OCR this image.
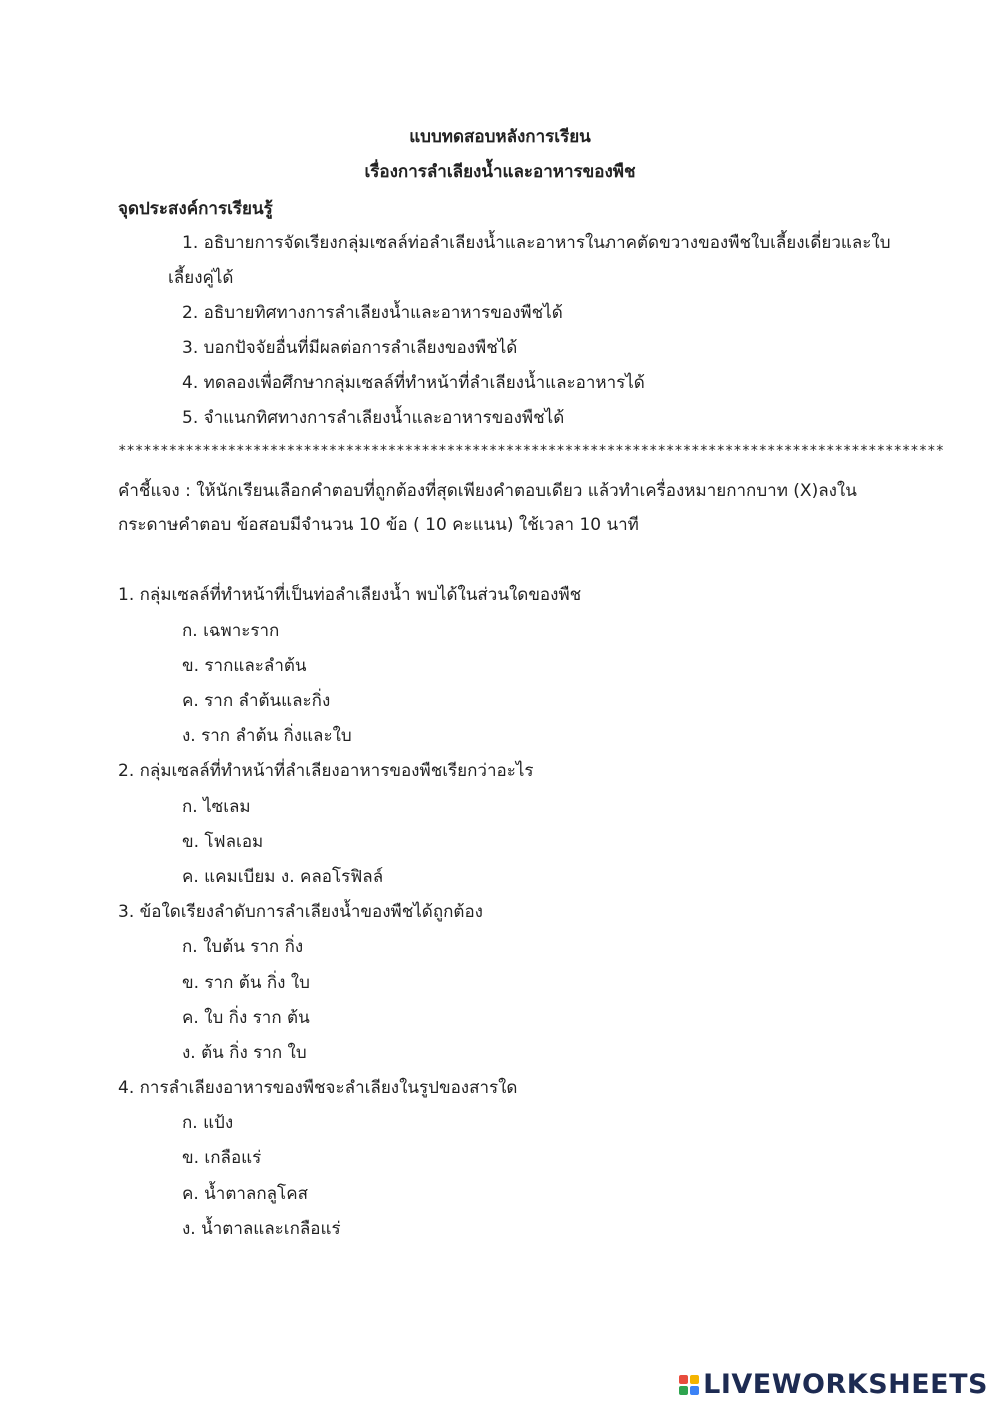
แบบทดสอบหลังการเรียน
เรื่องการลำเลียงน้ำและอาหารของพืช
จุดประสงค์การเรียนรู้
1. อธิบายการจัดเรียงกลุ่มเซลล์ท่อลำเลียงน้ำและอาหารในภาคตัดขวางของพืชใบเลี้ยงเดี่ยวและใบ
เลี้ยงคู่ได้
2. อธิบายทิศทางการลำเลียงน้ำและอาหารของพืชได้
3. บอกปัจจัยอื่นที่มีผลต่อการลำเลียงของพืชได้
4. ทดลองเพื่อศึกษากลุ่มเซลล์ที่ทำหน้าที่ลำเลียงน้ำและอาหารได้
5. จำแนกทิศทางการลำเลียงน้ำและอาหารของพืชได้
**************************************************************************************************
คำชี้แจง : ให้นักเรียนเลือกคำตอบที่ถูกต้องที่สุดเพียงคำตอบเดียว แล้วทำเครื่องหมายกากบาท (X)ลงใน
กระดาษคำตอบ ข้อสอบมีจำนวน 10 ข้อ ( 10 คะแนน) ใช้เวลา 10 นาที
1. กลุ่มเซลล์ที่ทำหน้าที่เป็นท่อลำเลียงน้ำ พบได้ในส่วนใดของพืช
ก. เฉพาะราก
ข. รากและลำต้น
ค. ราก ลำต้นและกิ่ง
ง. ราก ลำต้น กิ่งและใบ
2. กลุ่มเซลล์ที่ทำหน้าที่ลำเลียงอาหารของพืชเรียกว่าอะไร
ก. ไซเลม
ข. โฟลเอม
ค. แคมเบียม ง. คลอโรฟิลล์
3. ข้อใดเรียงลำดับการลำเลียงน้ำของพืชได้ถูกต้อง
ก. ใบต้น ราก กิ่ง
ข. ราก ต้น กิ่ง ใบ
ค. ใบ กิ่ง ราก ต้น
ง. ต้น กิ่ง ราก ใบ
4. การลำเลียงอาหารของพืชจะลำเลียงในรูปของสารใด
ก. แป้ง
ข. เกลือแร่
ค. น้ำตาลกลูโคส
ง. น้ำตาลและเกลือแร่
LIVEWORKSHEETS
